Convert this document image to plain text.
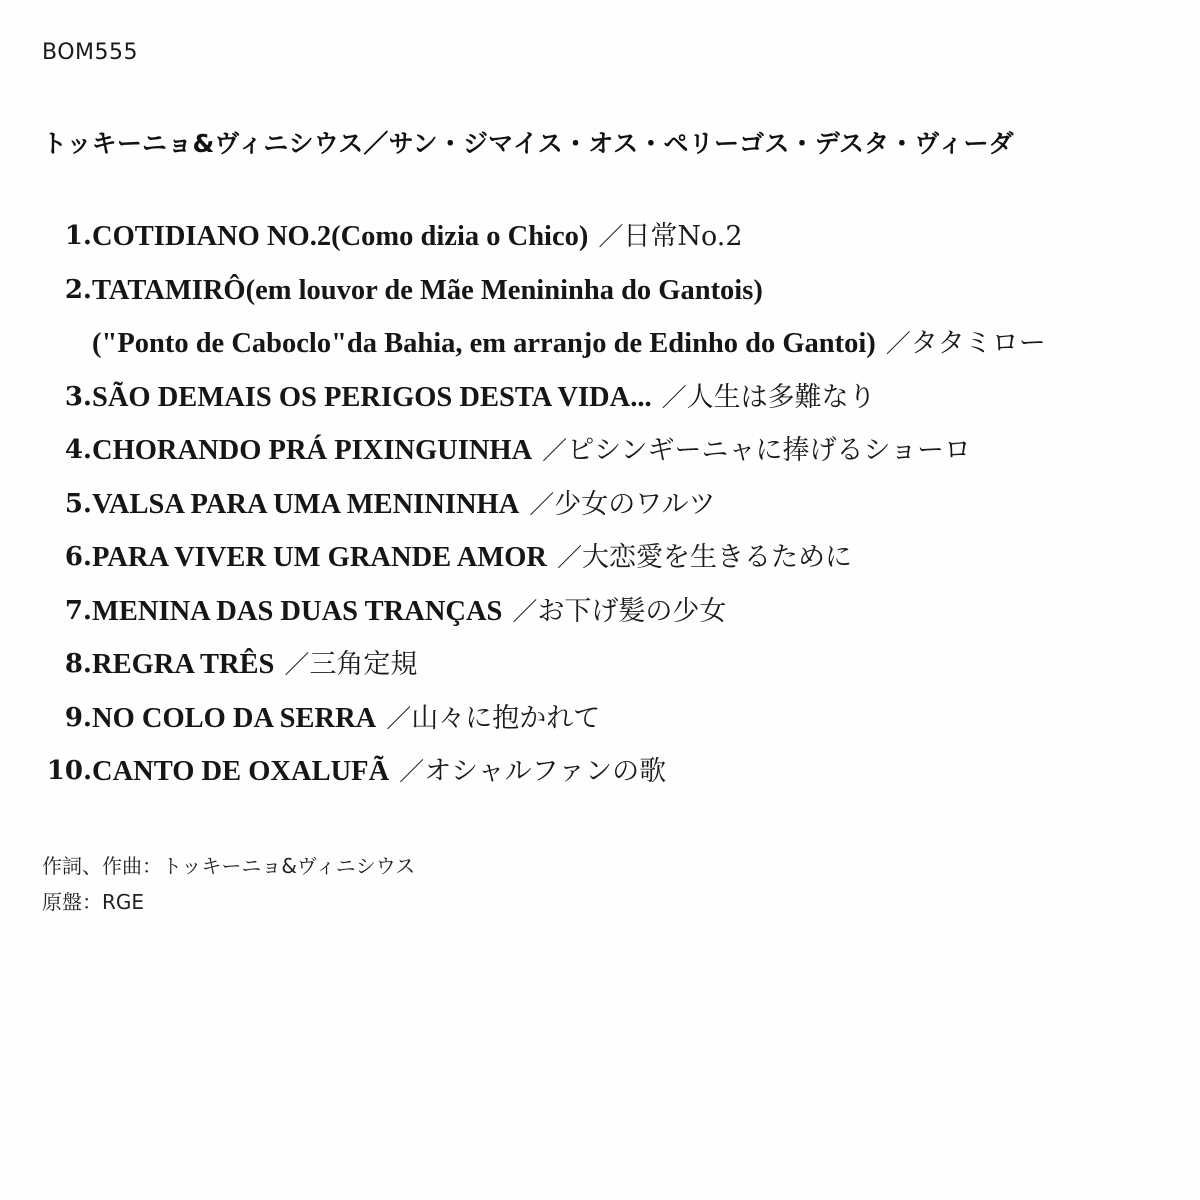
BOM555
トッキーニョ&ヴィニシウス／サン・ジマイス・オス・ペリーゴス・デスタ・ヴィーダ
1. COTIDIANO NO.2(Como dizia o Chico) ／日常No.2
2. TATAMIRÔ(em louvor de Mãe Menininha do Gantois)
("Ponto de Caboclo"da Bahia, em arranjo de Edinho do Gantoi) ／タタミロー
3. SÃO DEMAIS OS PERIGOS DESTA VIDA... ／人生は多難なり
4. CHORANDO PRÁ PIXINGUINHA ／ピシンギーニャに捧げるショーロ
5. VALSA PARA UMA MENININHA ／少女のワルツ
6. PARA VIVER UM GRANDE AMOR ／大恋愛を生きるために
7. MENINA DAS DUAS TRANÇAS ／お下げ髪の少女
8. REGRA TRÊS ／三角定規
9. NO COLO DA SERRA ／山々に抱かれて
10. CANTO DE OXALUFÃ ／オシャルファンの歌
作詞、作曲：トッキーニョ&ヴィニシウス
原盤：RGE
